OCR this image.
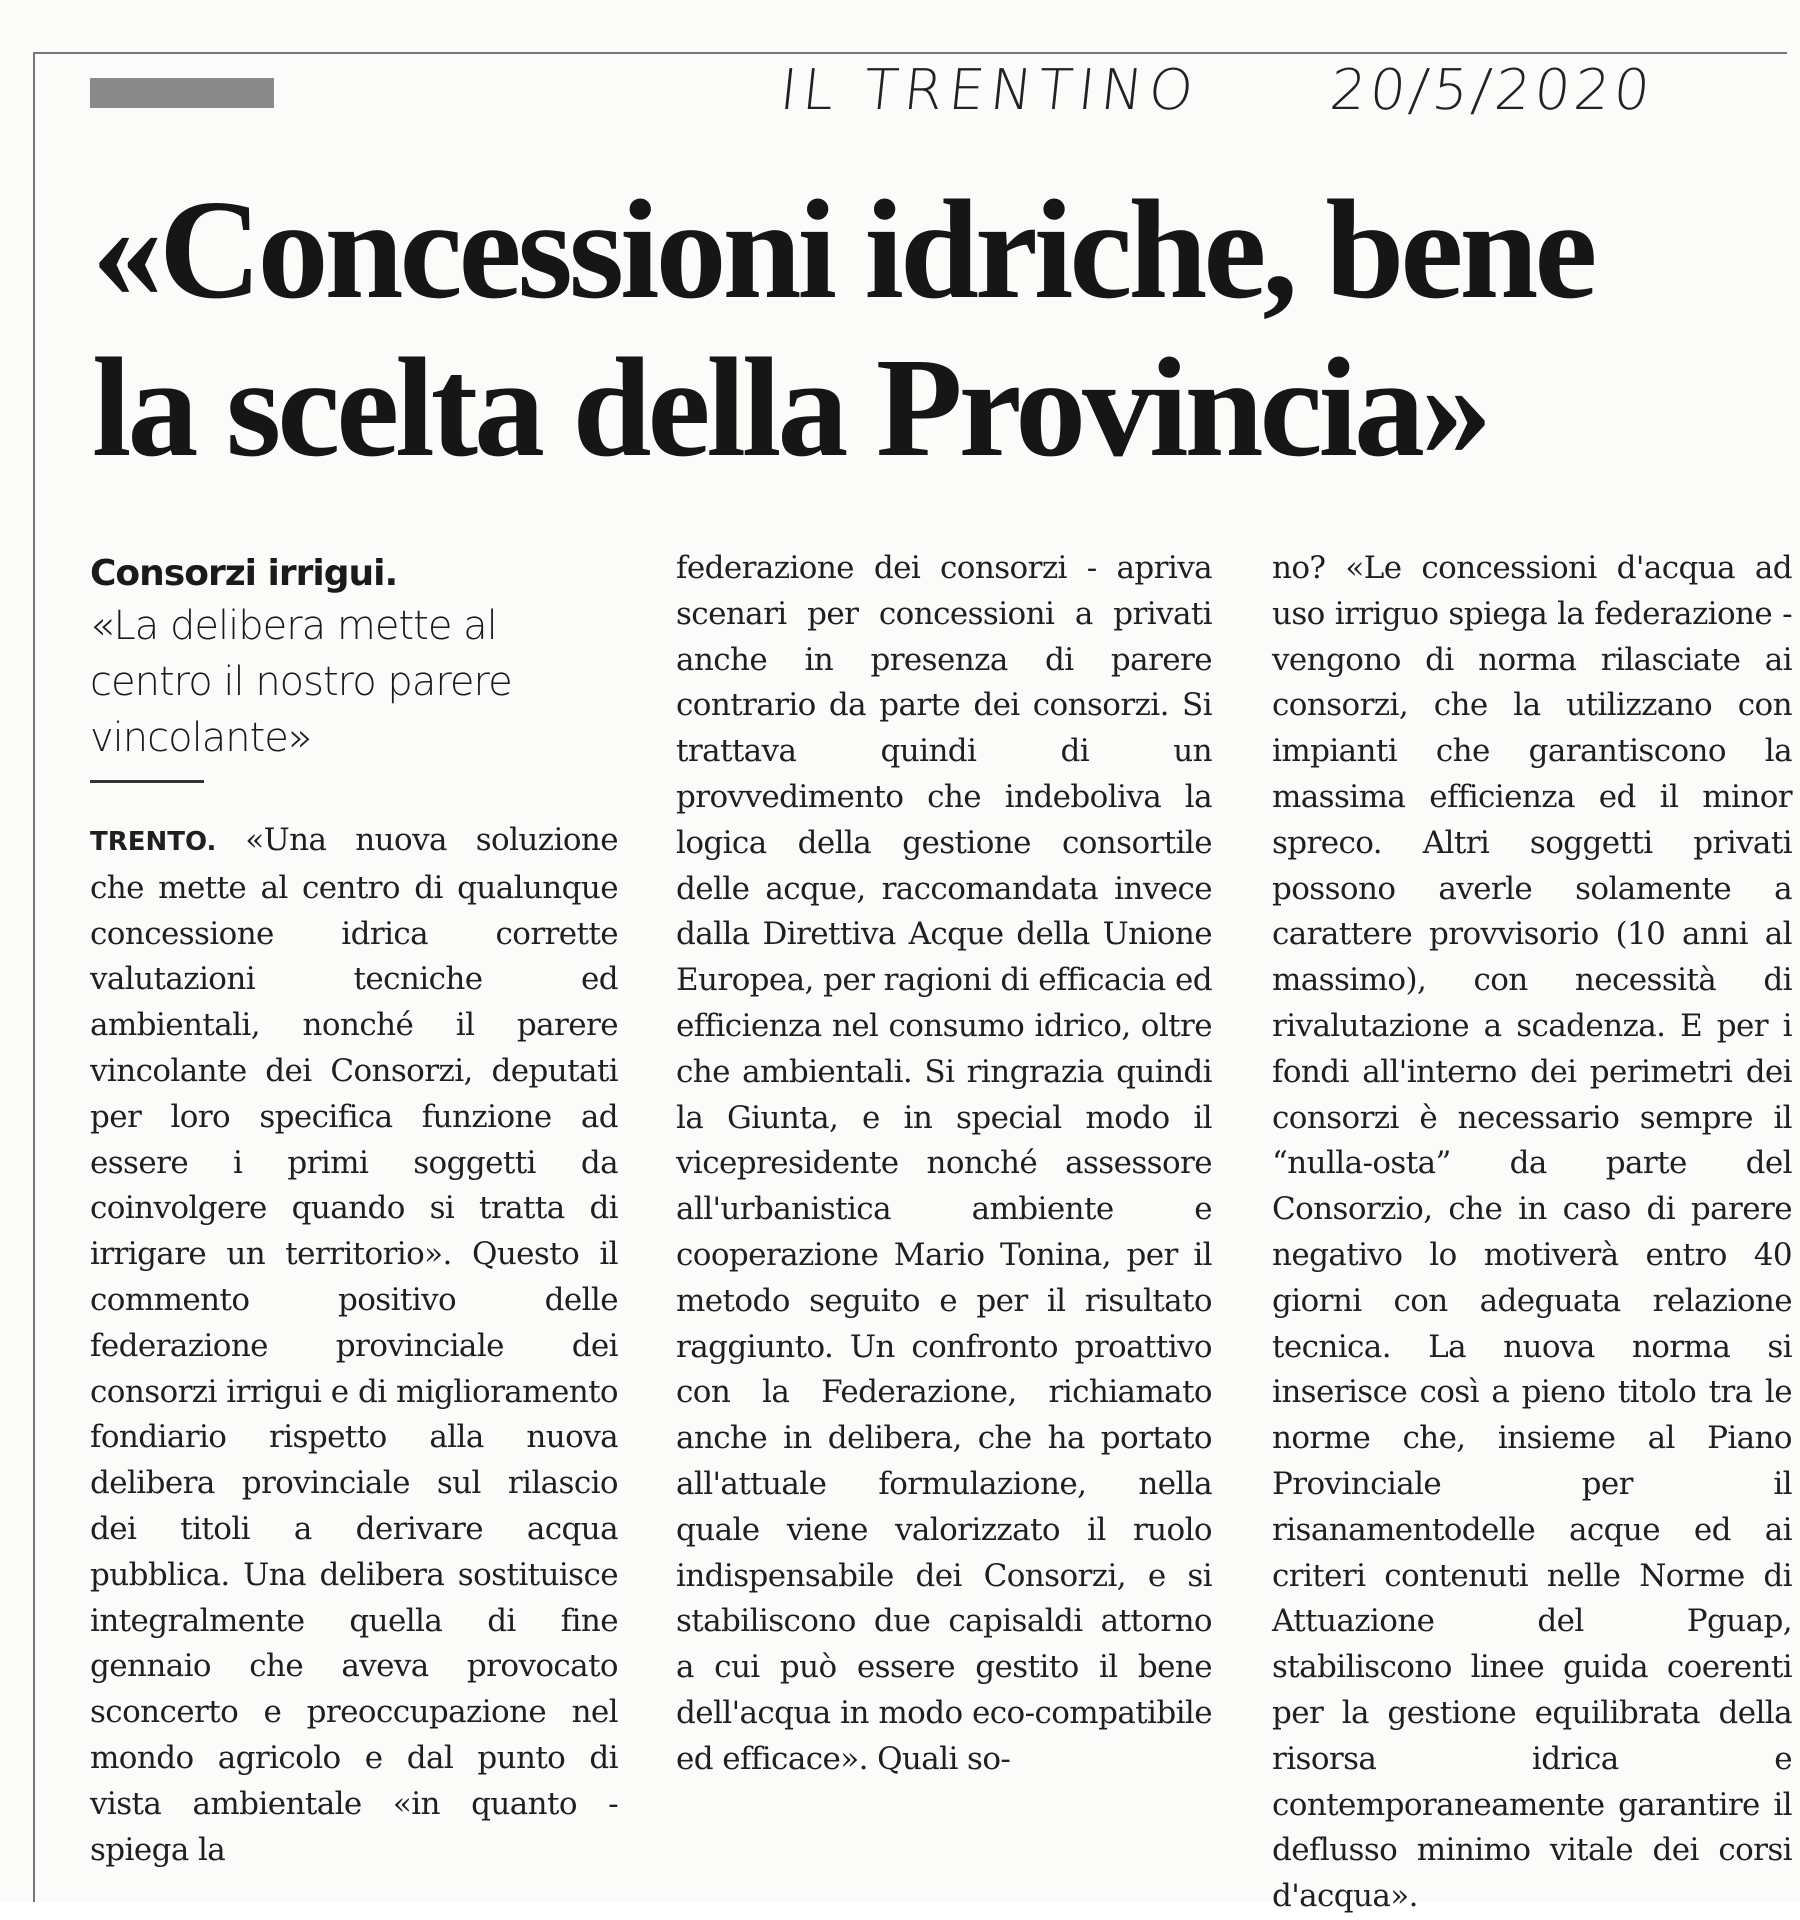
IL TRENTINO 20/5/2020
«Concessioni idriche, bene
la scelta della Provincia»
Consorzi irrigui.
«La delibera mette al centro il nostro parere vincolante»

TRENTO. «Una nuova soluzione che mette al centro di qualunque concessione idrica corrette valutazioni tecniche ed ambientali, nonché il parere vincolante dei Consorzi, deputati per loro specifica funzione ad essere i primi soggetti da coinvolgere quando si tratta di irrigare un territorio». Questo il commento positivo delle federazione provinciale dei consorzi irrigui e di miglioramento fondiario rispetto alla nuova delibera provinciale sul rilascio dei titoli a derivare acqua pubblica. Una delibera sostituisce integralmente quella di fine gennaio che aveva provocato sconcerto e preoccupazione nel mondo agricolo e dal punto di vista ambientale «in quanto - spiega la

federazione dei consorzi - apriva scenari per concessioni a privati anche in presenza di parere contrario da parte dei consorzi. Si trattava quindi di un provvedimento che indeboliva la logica della gestione consortile delle acque, raccomandata invece dalla Direttiva Acque della Unione Europea, per ragioni di efficacia ed efficienza nel consumo idrico, oltre che ambientali. Si ringrazia quindi la Giunta, e in special modo il vicepresidente nonché assessore all'urbanistica ambiente e cooperazione Mario Tonina, per il metodo seguito e per il risultato raggiunto. Un confronto proattivo con la Federazione, richiamato anche in delibera, che ha portato all'attuale formulazione, nella quale viene valorizzato il ruolo indispensabile dei Consorzi, e si stabiliscono due capisaldi attorno a cui può essere gestito il bene dell'acqua in modo eco-compatibile ed efficace». Quali so-

no? «Le concessioni d'acqua ad uso irriguo spiega la federazione - vengono di norma rilasciate ai consorzi, che la utilizzano con impianti che garantiscono la massima efficienza ed il minor spreco. Altri soggetti privati possono averle solamente a carattere provvisorio (10 anni al massimo), con necessità di rivalutazione a scadenza. E per i fondi all'interno dei perimetri dei consorzi è necessario sempre il “nulla-osta” da parte del Consorzio, che in caso di parere negativo lo motiverà entro 40 giorni con adeguata relazione tecnica. La nuova norma si inserisce così a pieno titolo tra le norme che, insieme al Piano Provinciale per il risanamentodelle acque ed ai criteri contenuti nelle Norme di Attuazione del Pguap, stabiliscono linee guida coerenti per la gestione equilibrata della risorsa idrica e contemporaneamente garantire il deflusso minimo vitale dei corsi d'acqua».
